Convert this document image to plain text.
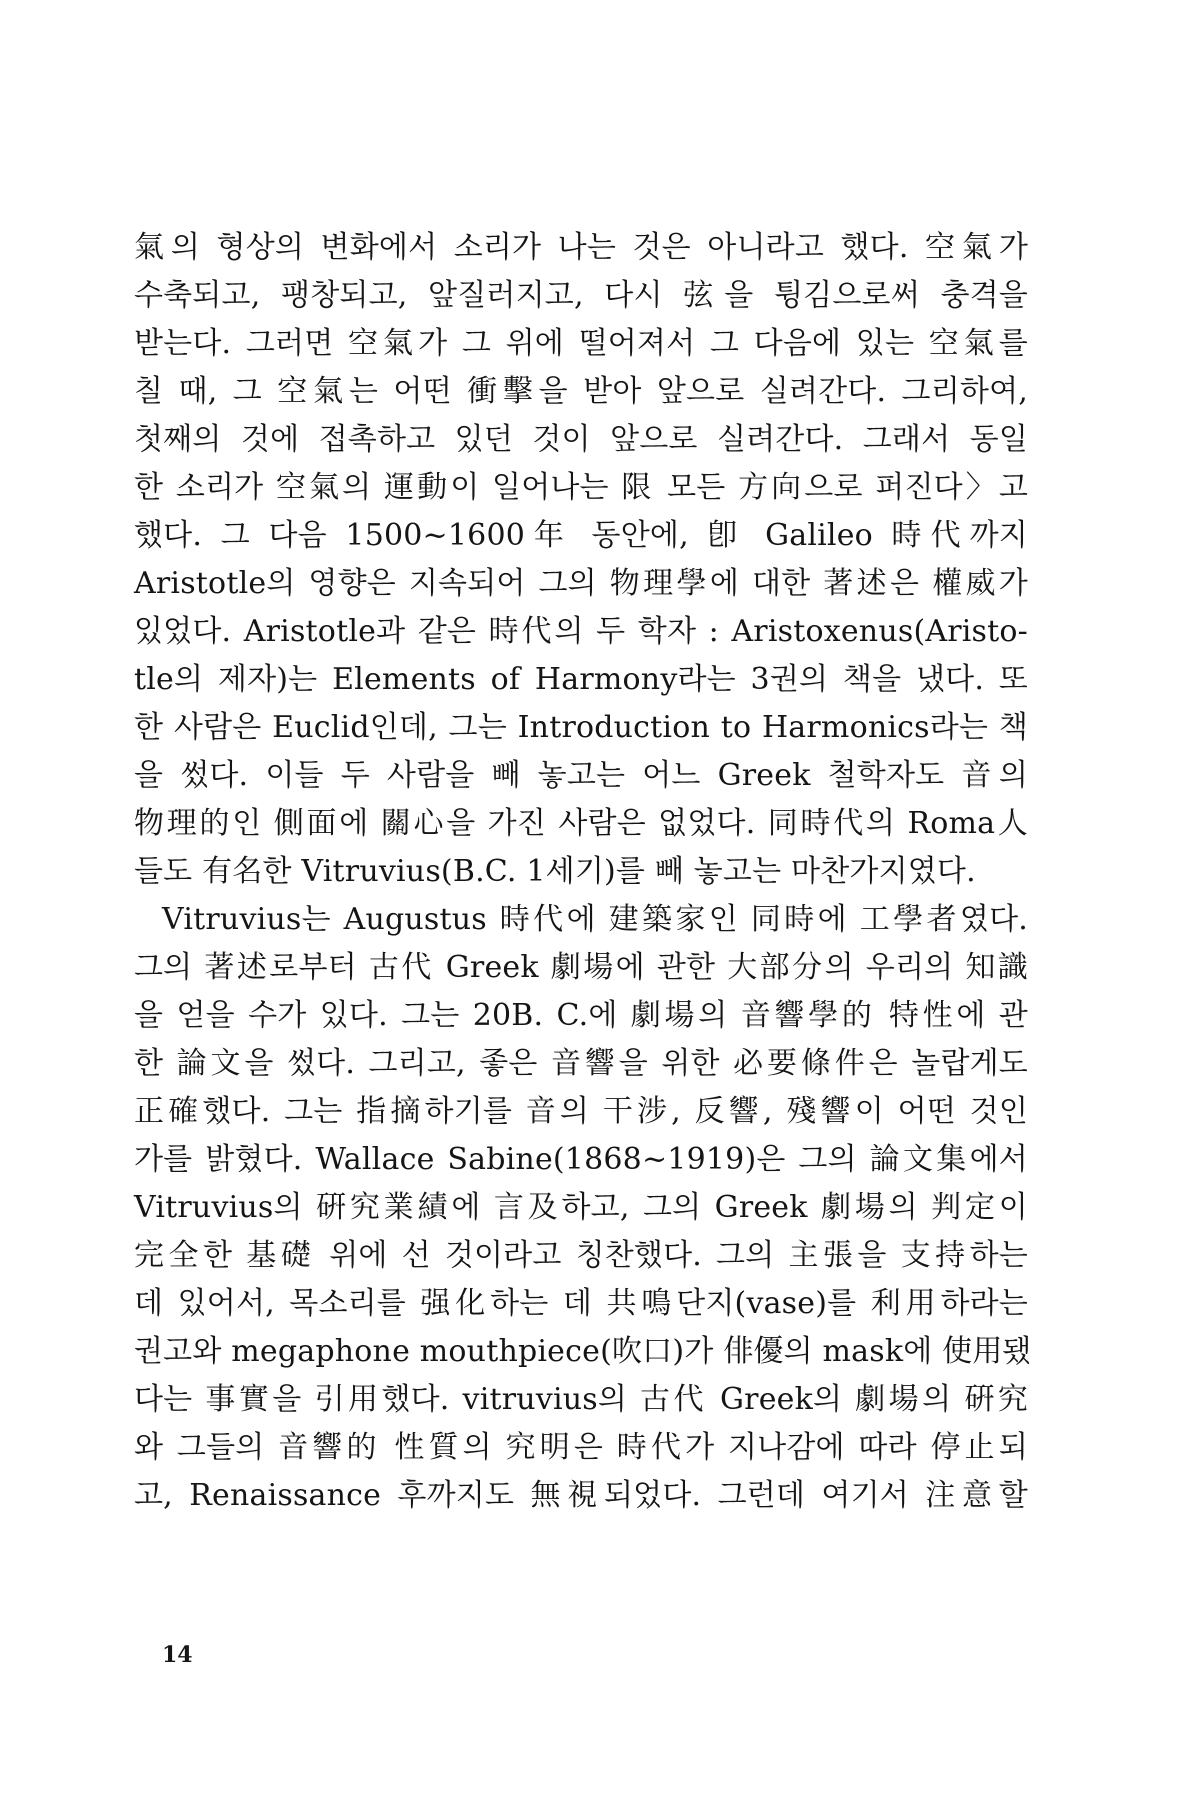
氣의 형상의 변화에서 소리가 나는 것은 아니라고 했다. 空氣가
수축되고, 팽창되고, 앞질러지고, 다시 弦을 튕김으로써 충격을
받는다. 그러면 空氣가 그 위에 떨어져서 그 다음에 있는 空氣를
칠 때, 그 空氣는 어떤 衝擊을 받아 앞으로 실려간다. 그리하여,
첫째의 것에 접촉하고 있던 것이 앞으로 실려간다. 그래서 동일
한 소리가 空氣의 運動이 일어나는 限 모든 方向으로 퍼진다〉고
했다. 그 다음 1500~1600年 동안에, 卽 Galileo 時代까지
Aristotle의 영향은 지속되어 그의 物理學에 대한 著述은 權威가
있었다. Aristotle과 같은 時代의 두 학자 : Aristoxenus(Aristo-
tle의 제자)는 Elements of Harmony라는 3권의 책을 냈다. 또
한 사람은 Euclid인데, 그는 Introduction to Harmonics라는 책
을 썼다. 이들 두 사람을 빼 놓고는 어느 Greek 철학자도 音의
物理的인 側面에 關心을 가진 사람은 없었다. 同時代의 Roma人
들도 有名한 Vitruvius(B.C. 1세기)를 빼 놓고는 마찬가지였다.
Vitruvius는 Augustus 時代에 建築家인 同時에 工學者였다.
그의 著述로부터 古代 Greek 劇場에 관한 大部分의 우리의 知識
을 얻을 수가 있다. 그는 20B. C.에 劇場의 音響學的 特性에 관
한 論文을 썼다. 그리고, 좋은 音響을 위한 必要條件은 놀랍게도
正確했다. 그는 指摘하기를 音의 干涉, 反響, 殘響이 어떤 것인
가를 밝혔다. Wallace Sabine(1868~1919)은 그의 論文集에서
Vitruvius의 硏究業績에 言及하고, 그의 Greek 劇場의 判定이
完全한 基礎 위에 선 것이라고 칭찬했다. 그의 主張을 支持하는
데 있어서, 목소리를 强化하는 데 共鳴단지(vase)를 利用하라는
권고와 megaphone mouthpiece(吹口)가 俳優의 mask에 使用됐
다는 事實을 引用했다. vitruvius의 古代 Greek의 劇場의 硏究
와 그들의 音響的 性質의 究明은 時代가 지나감에 따라 停止되
고, Renaissance 후까지도 無視되었다. 그런데 여기서 注意할
14
